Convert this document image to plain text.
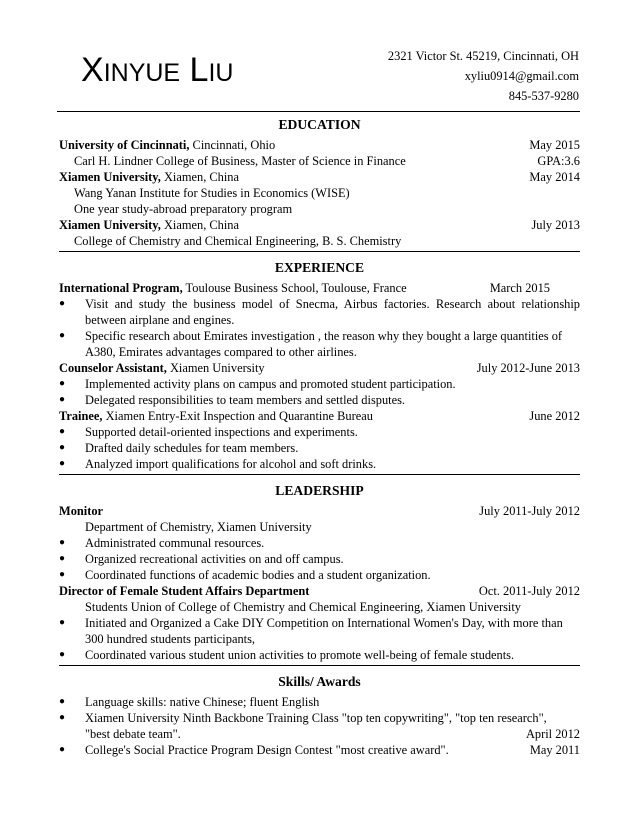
XINYUE LIU
2321 Victor St. 45219, Cincinnati, OH
xyliu0914@gmail.com
845-537-9280
EDUCATION
University of Cincinnati, Cincinnati, Ohio	May 2015
Carl H. Lindner College of Business, Master of Science in Finance	GPA:3.6
Xiamen University, Xiamen, China	May 2014
Wang Yanan Institute for Studies in Economics (WISE)
One year study-abroad preparatory program
Xiamen University, Xiamen, China	July 2013
College of Chemistry and Chemical Engineering, B. S. Chemistry
EXPERIENCE
International Program, Toulouse Business School, Toulouse, France	March 2015
●	Visit and study the business model of Snecma, Airbus factories. Research about relationship between airplane and engines.
●	Specific research about Emirates investigation , the reason why they bought a large quantities of A380, Emirates advantages compared to other airlines.
Counselor Assistant, Xiamen University	July 2012-June 2013
●	Implemented activity plans on campus and promoted student participation.
●	Delegated responsibilities to team members and settled disputes.
Trainee, Xiamen Entry-Exit Inspection and Quarantine Bureau	June 2012
●	Supported detail-oriented inspections and experiments.
●	Drafted daily schedules for team members.
●	Analyzed import qualifications for alcohol and soft drinks.
LEADERSHIP
Monitor	July 2011-July 2012
Department of Chemistry, Xiamen University
●	Administrated communal resources.
●	Organized recreational activities on and off campus.
●	Coordinated functions of academic bodies and a student organization.
Director of Female Student Affairs Department	Oct. 2011-July 2012
Students Union of College of Chemistry and Chemical Engineering, Xiamen University
●	Initiated and Organized a Cake DIY Competition on International Women's Day, with more than 300 hundred students participants,
●	Coordinated various student union activities to promote well-being of female students.
Skills/ Awards
●	Language skills: native Chinese; fluent English
●	Xiamen University Ninth Backbone Training Class "top ten copywriting", "top ten research",
"best debate team".	April 2012
●	College's Social Practice Program Design Contest "most creative award".	May 2011
